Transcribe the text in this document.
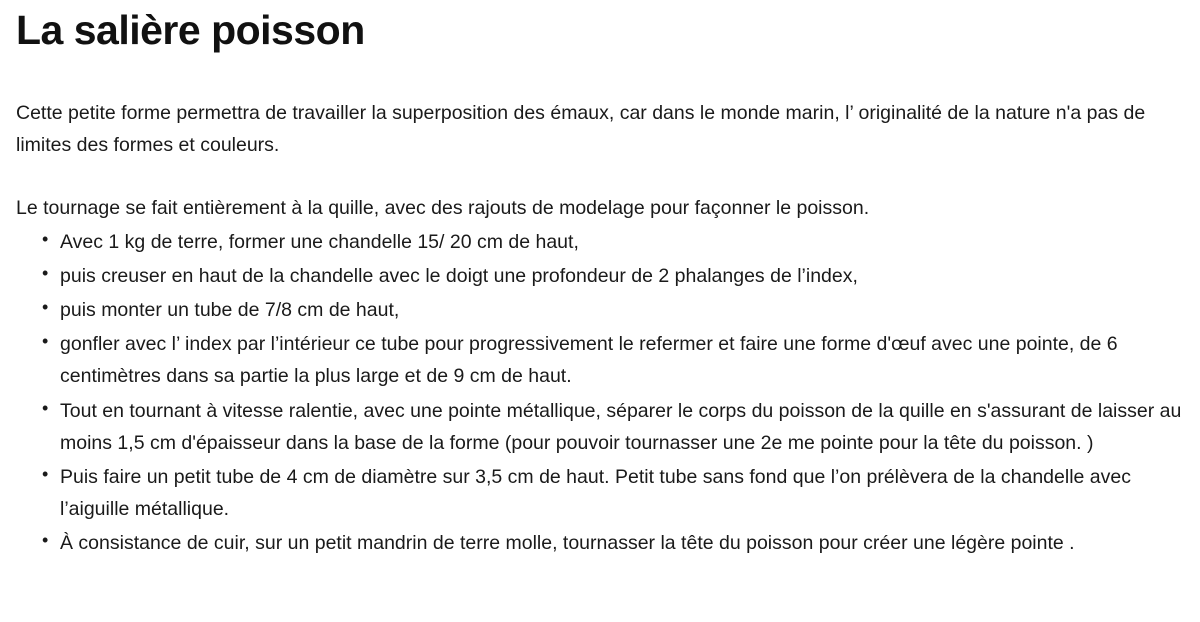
La salière poisson

Cette petite forme permettra de travailler la superposition des émaux, car dans le monde marin, l’ originalité de la nature n'a pas de limites des formes et couleurs.

Le tournage se fait entièrement à la quille, avec des rajouts de modelage pour façonner le poisson.

• Avec 1 kg de terre, former une chandelle 15/ 20 cm de haut,
• puis creuser en haut de la chandelle avec le doigt une profondeur de 2 phalanges de l’index,
• puis monter un tube de 7/8 cm de haut,
• gonfler avec l’ index par l’intérieur ce tube pour progressivement le refermer et faire une forme d'œuf avec une pointe, de 6 centimètres dans sa partie la plus large et de 9 cm de haut.
• Tout en tournant à vitesse ralentie, avec une pointe métallique, séparer le corps du poisson de la quille en s'assurant de laisser au moins 1,5 cm d'épaisseur dans la base de la forme (pour pouvoir tournasser une 2e me pointe pour la tête du poisson. )
• Puis faire un petit tube de 4 cm de diamètre sur 3,5 cm de haut. Petit tube sans fond que l’on prélèvera de la chandelle avec l’aiguille métallique.
• À consistance de cuir, sur un petit mandrin de terre molle, tournasser la tête du poisson pour créer une légère pointe .
